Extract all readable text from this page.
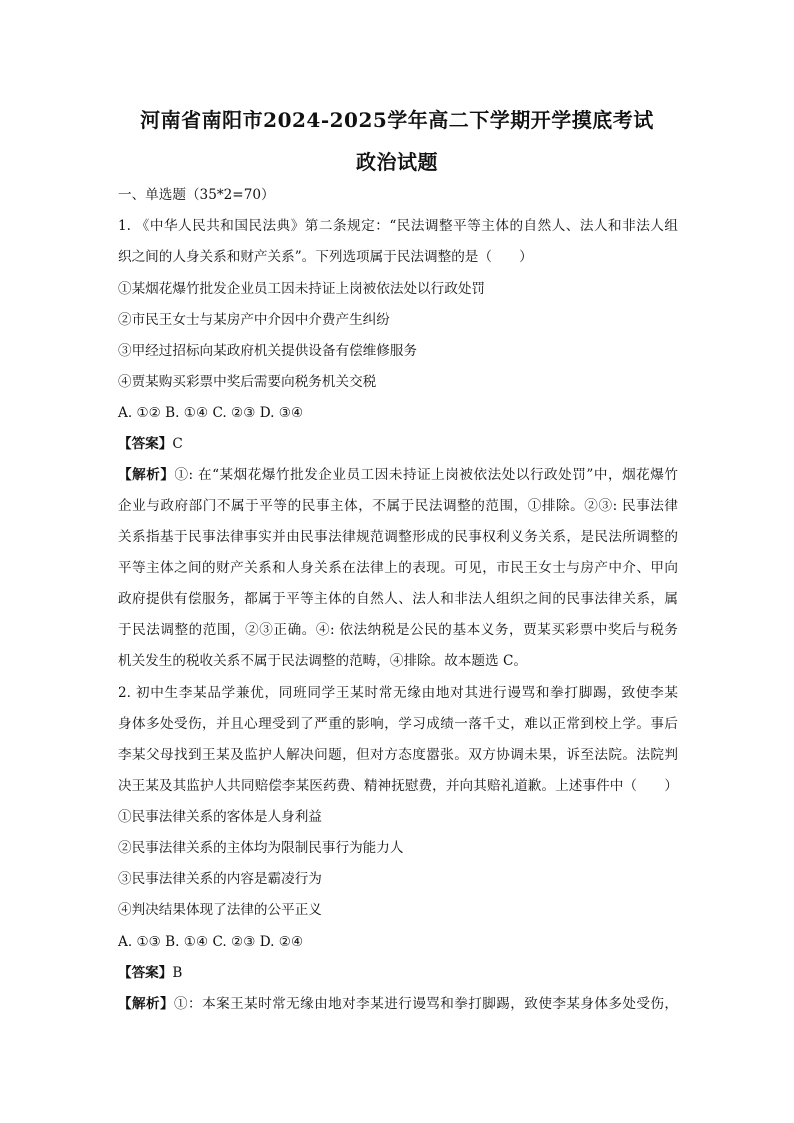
河南省南阳市2024-2025学年高二下学期开学摸底考试
政治试题
一、单选题（35*2=70）
1. 《中华人民共和国民法典》第二条规定：“民法调整平等主体的自然人、法人和非法人组
织之间的人身关系和财产关系”。下列选项属于民法调整的是（　　）
①某烟花爆竹批发企业员工因未持证上岗被依法处以行政处罚
②市民王女士与某房产中介因中介费产生纠纷
③甲经过招标向某政府机关提供设备有偿维修服务
④贾某购买彩票中奖后需要向税务机关交税
A. ①② B. ①④ C. ②③ D. ③④
【答案】C
【解析】①: 在“某烟花爆竹批发企业员工因未持证上岗被依法处以行政处罚”中，烟花爆竹
企业与政府部门不属于平等的民事主体，不属于民法调整的范围，①排除。②③: 民事法律
关系指基于民事法律事实并由民事法律规范调整形成的民事权利义务关系，是民法所调整的
平等主体之间的财产关系和人身关系在法律上的表现。可见，市民王女士与房产中介、甲向
政府提供有偿服务，都属于平等主体的自然人、法人和非法人组织之间的民事法律关系，属
于民法调整的范围，②③正确。④: 依法纳税是公民的基本义务，贾某买彩票中奖后与税务
机关发生的税收关系不属于民法调整的范畴，④排除。故本题选 C。
2. 初中生李某品学兼优，同班同学王某时常无缘由地对其进行谩骂和拳打脚踢，致使李某
身体多处受伤，并且心理受到了严重的影响，学习成绩一落千丈，难以正常到校上学。事后
李某父母找到王某及监护人解决问题，但对方态度嚣张。双方协调未果，诉至法院。法院判
决王某及其监护人共同赔偿李某医药费、精神抚慰费，并向其赔礼道歉。上述事件中（　　）
①民事法律关系的客体是人身利益
②民事法律关系的主体均为限制民事行为能力人
③民事法律关系的内容是霸凌行为
④判决结果体现了法律的公平正义
A. ①③ B. ①④ C. ②③ D. ②④
【答案】B
【解析】①：本案王某时常无缘由地对李某进行谩骂和拳打脚踢，致使李某身体多处受伤，
